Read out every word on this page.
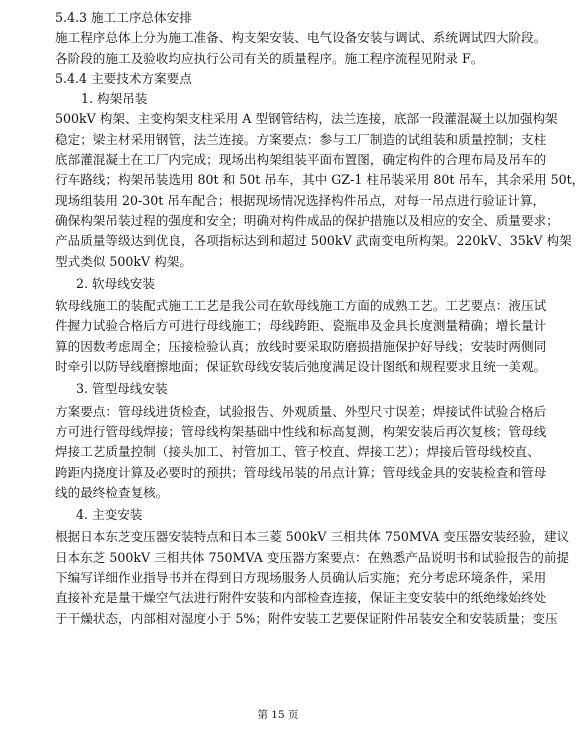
5.4.3 施工工序总体安排
施工程序总体上分为施工准备、构支架安装、电气设备安装与调试、系统调试四大阶段。
各阶段的施工及验收均应执行公司有关的质量程序。施工程序流程见附录 F。
5.4.4 主要技术方案要点
1. 构架吊装
500kV 构架、主变构架支柱采用 A 型钢管结构，法兰连接，底部一段灌混凝土以加强构架
稳定；梁主材采用钢管，法兰连接。方案要点：参与工厂制造的试组装和质量控制；支柱
底部灌混凝土在工厂内完成；现场出构架组装平面布置图，确定构件的合理布局及吊车的
行车路线；构架吊装选用 80t 和 50t 吊车，其中 GZ-1 柱吊装采用 80t 吊车，其余采用 50t，
现场组装用 20-30t 吊车配合；根据现场情况选择构件吊点，对每一吊点进行验证计算，
确保构架吊装过程的强度和安全；明确对构件成品的保护措施以及相应的安全、质量要求；
产品质量等级达到优良，各项指标达到和超过 500kV 武南变电所构架。220kV、35kV 构架
型式类似 500kV 构架。
2. 软母线安装
软母线施工的装配式施工工艺是我公司在软母线施工方面的成熟工艺。工艺要点：液压试
件握力试验合格后方可进行母线施工；母线跨距、瓷瓶串及金具长度测量精确；增长量计
算的因数考虑周全；压接检验认真；放线时要采取防磨损措施保护好导线；安装时两侧同
时牵引以防导线磨擦地面；保证软母线安装后弛度满足设计图纸和规程要求且统一美观。
3. 管型母线安装
方案要点：管母线进货检查，试验报告、外观质量、外型尺寸误差；焊接试件试验合格后
方可进行管母线焊接；管母线构架基础中性线和标高复测，构架安装后再次复核；管母线
焊接工艺质量控制（接头加工、衬管加工、管子校直、焊接工艺）；焊接后管母线校直、
跨距内挠度计算及必要时的预拱；管母线吊装的吊点计算；管母线金具的安装检查和管母
线的最终检查复核。
4. 主变安装
根据日本东芝变压器安装特点和日本三菱 500kV 三相共体 750MVA 变压器安装经验，建议
日本东芝 500kV 三相共体 750MVA 变压器方案要点：在熟悉产品说明书和试验报告的前提
下编写详细作业指导书并在得到日方现场服务人员确认后实施；充分考虑环境条件，采用
直接补充是量干燥空气法进行附件安装和内部检查连接，保证主变安装中的纸绝缘始终处
于干燥状态，内部相对湿度小于 5%；附件安装工艺要保证附件吊装安全和安装质量；变压
第 15 页
